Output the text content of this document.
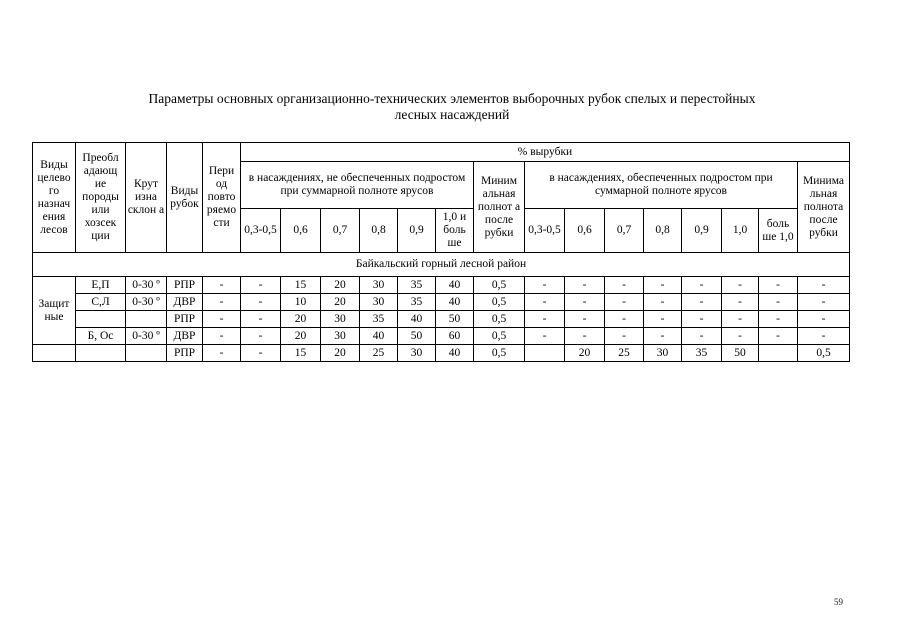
Параметры основных организационно-технических элементов выборочных рубок спелых и перестойных
лесных насаждений
Виды целево го назнач ения лесов	Преобл адающ ие породы или хозсек ции	Крут изна склон а	Виды рубок	Пери од повто ряемо сти	% вырубки														
					в насаждениях, не обеспеченных подростом при суммарной полноте ярусов						Миним альная полнот а после рубки	в насаждениях, обеспеченных подростом при суммарной полноте ярусов							Минима льная полнота после рубки
					0,3-0,5	0,6	0,7	0,8	0,9	1,0 и боль ше		0,3-0,5	0,6	0,7	0,8	0,9	1,0	боль ше 1,0	
Байкальский горный лесной район																			
Защит ные	Е,П	0-30 º	РПР	-	-	15	20	30	35	40	0,5	-	-	-	-	-	-	-	-
	С,Л	0-30 º	ДВР	-	-	10	20	30	35	40	0,5	-	-	-	-	-	-	-	-
			РПР	-	-	20	30	35	40	50	0,5	-	-	-	-	-	-	-	-
	Б, Ос	0-30 º	ДВР	-	-	20	30	40	50	60	0,5	-	-	-	-	-	-	-	-
			РПР	-	-	15	20	25	30	40	0,5		20	25	30	35	50		0,5
59
